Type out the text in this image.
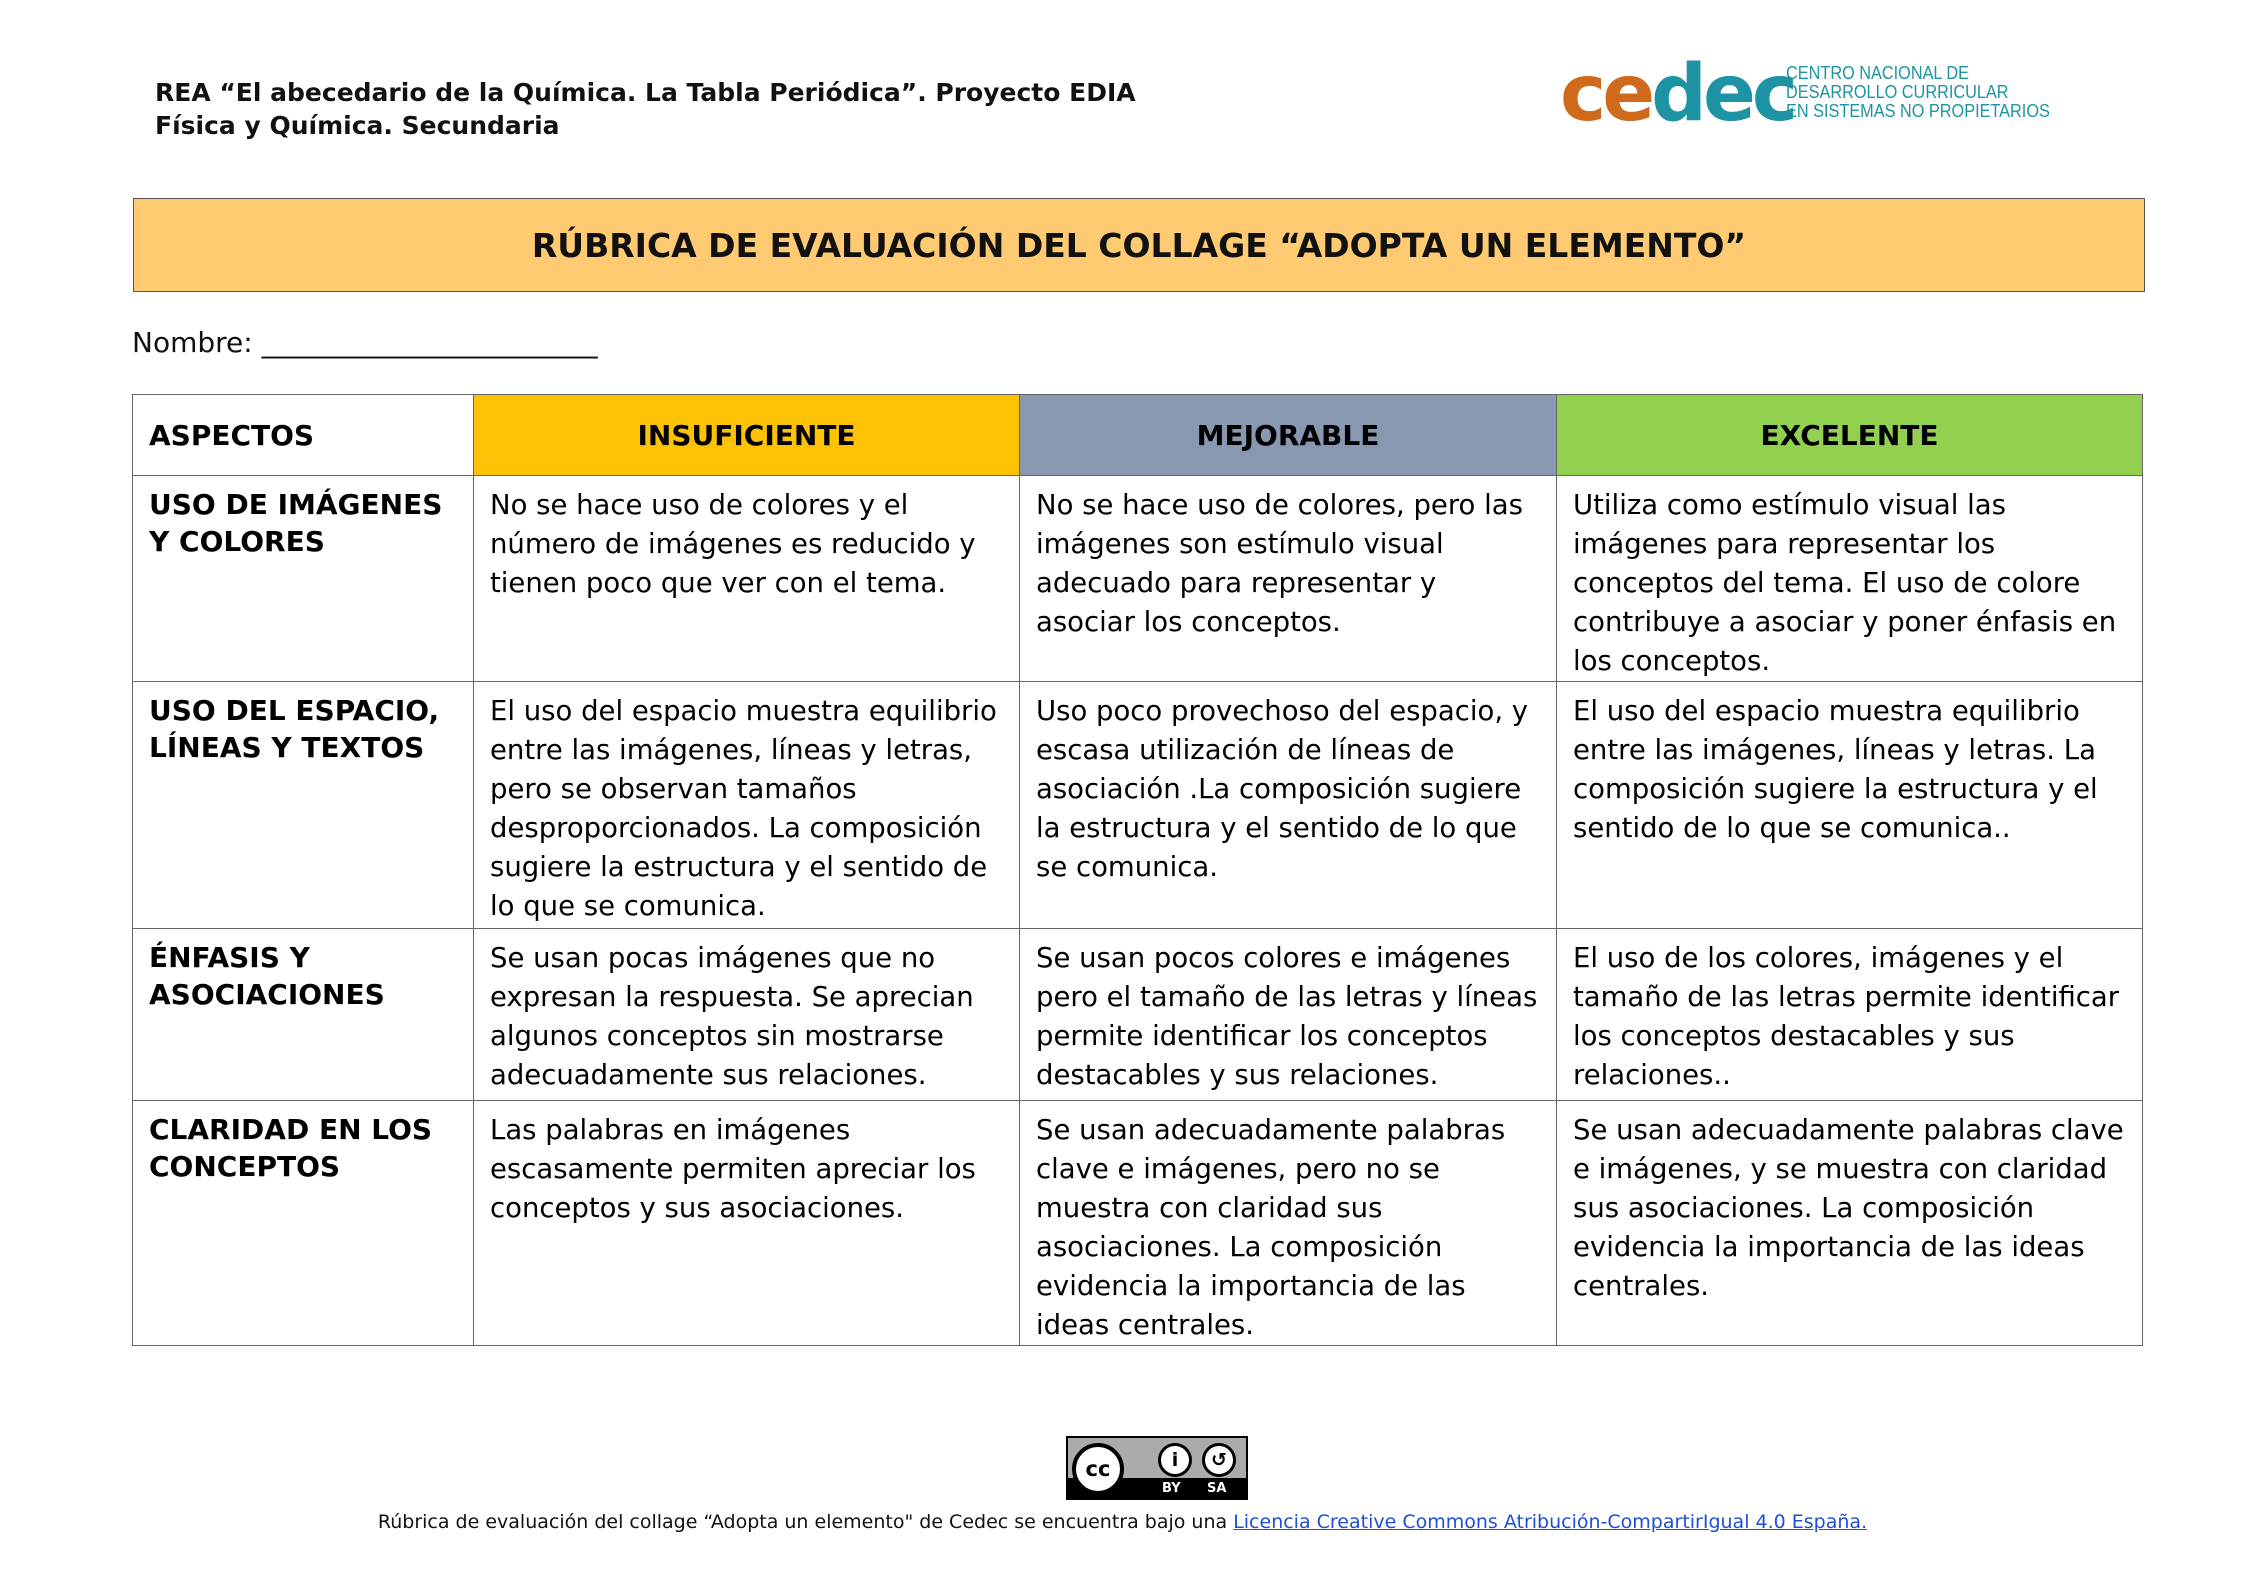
REA “El abecedario de la Química. La Tabla Periódica”. Proyecto EDIA
Física y Química. Secundaria	cedec
CENTRO NACIONAL DE
DESARROLLO CURRICULAR
EN SISTEMAS NO PROPIETARIOS
RÚBRICA DE EVALUACIÓN DEL COLLAGE “ADOPTA UN ELEMENTO”
Nombre: ________________________
ASPECTOS	INSUFICIENTE	MEJORABLE	EXCELENTE
USO DE IMÁGENES Y COLORES	No se hace uso de colores y el número de imágenes es reducido y tienen poco que ver con el tema.	No se hace uso de colores, pero las imágenes son estímulo visual adecuado para representar y asociar los conceptos.	Utiliza como estímulo visual las imágenes para representar los conceptos del tema. El uso de colore contribuye a asociar y poner énfasis en los conceptos.
USO DEL ESPACIO, LÍNEAS Y TEXTOS	El uso del espacio muestra equilibrio entre las imágenes, líneas y letras, pero se observan tamaños desproporcionados. La composición sugiere la estructura y el sentido de lo que se comunica.	Uso poco provechoso del espacio, y escasa utilización de líneas de asociación .La composición sugiere la estructura y el sentido de lo que se comunica.	El uso del espacio muestra equilibrio entre las imágenes, líneas y letras. La composición sugiere la estructura y el sentido de lo que se comunica..
ÉNFASIS Y ASOCIACIONES	Se usan pocas imágenes que no expresan la respuesta. Se aprecian algunos conceptos sin mostrarse adecuadamente sus relaciones.	Se usan pocos colores e imágenes pero el tamaño de las letras y líneas permite identificar los conceptos destacables y sus relaciones.	El uso de los colores, imágenes y el tamaño de las letras permite identificar los conceptos destacables y sus relaciones..
CLARIDAD EN LOS CONCEPTOS	Las palabras en imágenes escasamente permiten apreciar los conceptos y sus asociaciones.	Se usan adecuadamente palabras clave e imágenes, pero no se muestra con claridad sus asociaciones. La composición evidencia la importancia de las ideas centrales.	Se usan adecuadamente palabras clave e imágenes, y se muestra con claridad sus asociaciones. La composición evidencia la importancia de las ideas centrales.
cc	i	↺
BY SA
Rúbrica de evaluación del collage “Adopta un elemento" de Cedec se encuentra bajo una Licencia Creative Commons Atribución-CompartirIgual 4.0 España.
